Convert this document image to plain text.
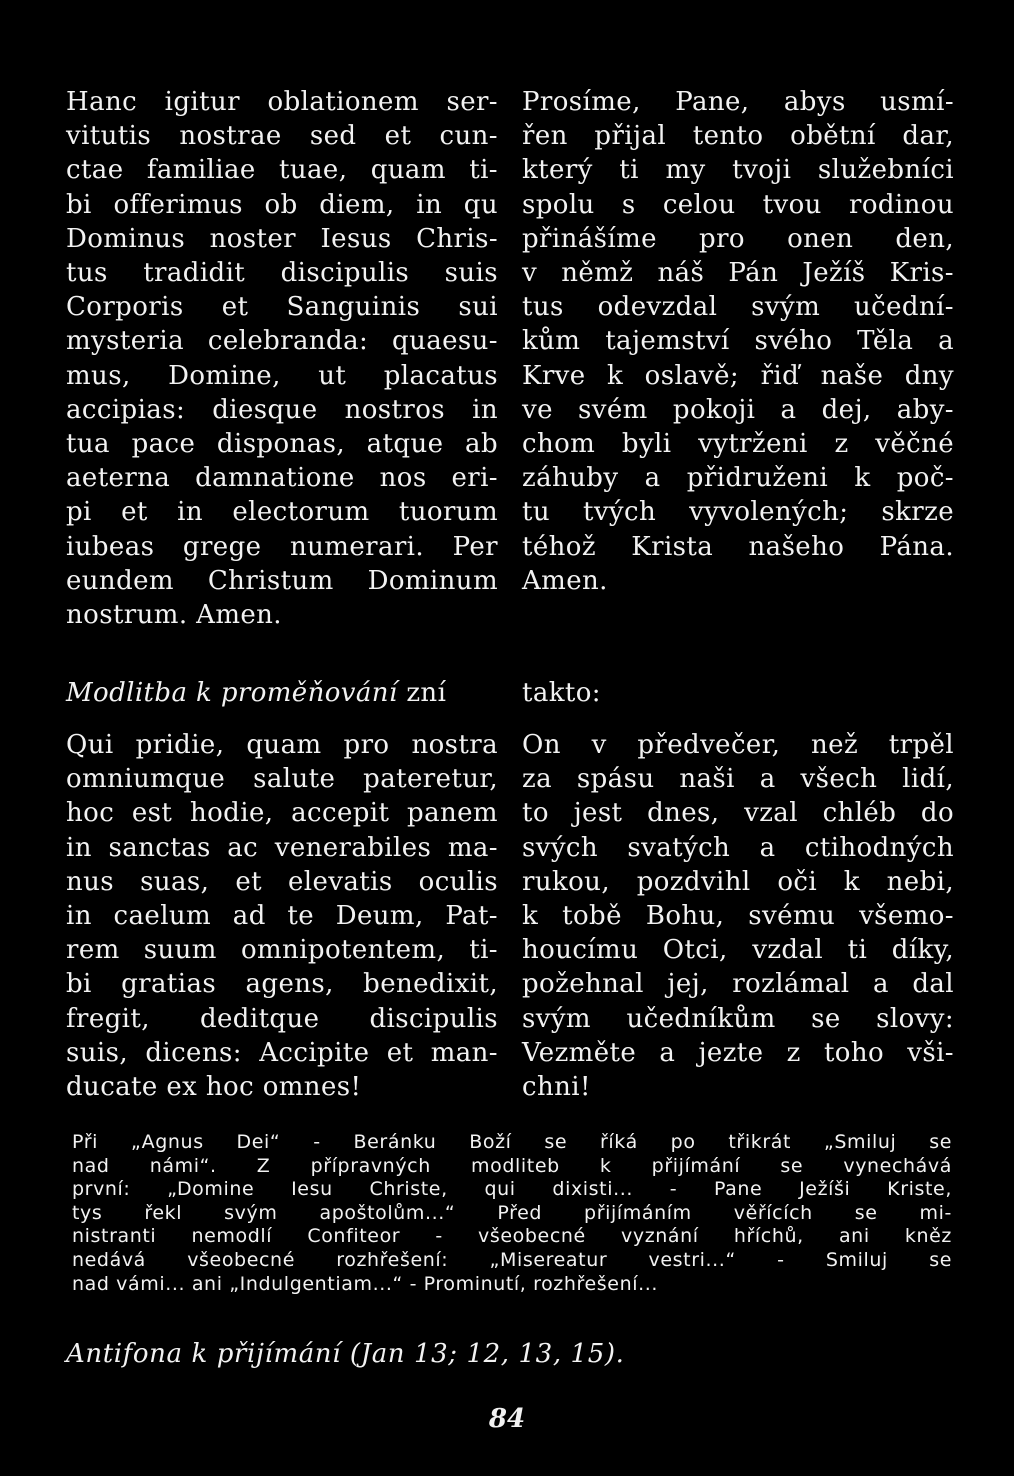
Hanc igitur oblationem ser-
vitutis nostrae sed et cun-
ctae familiae tuae, quam ti-
bi offerimus ob diem, in qu
Dominus noster Iesus Chris-
tus tradidit discipulis suis
Corporis et Sanguinis sui
mysteria celebranda: quaesu-
mus, Domine, ut placatus
accipias: diesque nostros in
tua pace disponas, atque ab
aeterna damnatione nos eri-
pi et in electorum tuorum
iubeas grege numerari. Per
eundem Christum Dominum
nostrum. Amen.
Prosíme, Pane, abys usmí-
řen přijal tento obětní dar,
který ti my tvoji služebníci
spolu s celou tvou rodinou
přinášíme pro onen den,
v němž náš Pán Ježíš Kris-
tus odevzdal svým učední-
kům tajemství svého Těla a
Krve k oslavě; řiď naše dny
ve svém pokoji a dej, aby-
chom byli vytrženi z věčné
záhuby a přidruženi k poč-
tu tvých vyvolených; skrze
téhož Krista našeho Pána.
Amen.
Modlitba k proměňování zní	takto:
Qui pridie, quam pro nostra
omniumque salute pateretur,
hoc est hodie, accepit panem
in sanctas ac venerabiles ma-
nus suas, et elevatis oculis
in caelum ad te Deum, Pat-
rem suum omnipotentem, ti-
bi gratias agens, benedixit,
fregit, deditque discipulis
suis, dicens: Accipite et man-
ducate ex hoc omnes!
On v předvečer, než trpěl
za spásu naši a všech lidí,
to jest dnes, vzal chléb do
svých svatých a ctihodných
rukou, pozdvihl oči k nebi,
k tobě Bohu, svému všemo-
houcímu Otci, vzdal ti díky,
požehnal jej, rozlámal a dal
svým učedníkům se slovy:
Vezměte a jezte z toho vši-
chni!
Při „Agnus Dei“ - Beránku Boží se říká po třikrát „Smiluj se
nad námi“. Z přípravných modliteb k přijímání se vynechává
první: „Domine Iesu Christe, qui dixisti... - Pane Ježíši Kriste,
tys řekl svým apoštolům...“ Před přijímáním věřících se mi-
nistranti nemodlí Confiteor - všeobecné vyznání hříchů, ani kněz
nedává všeobecné rozhřešení: „Misereatur vestri...“ - Smiluj se
nad vámi... ani „Indulgentiam...“ - Prominutí, rozhřešení...
Antifona k přijímání (Jan 13; 12, 13, 15).
84
